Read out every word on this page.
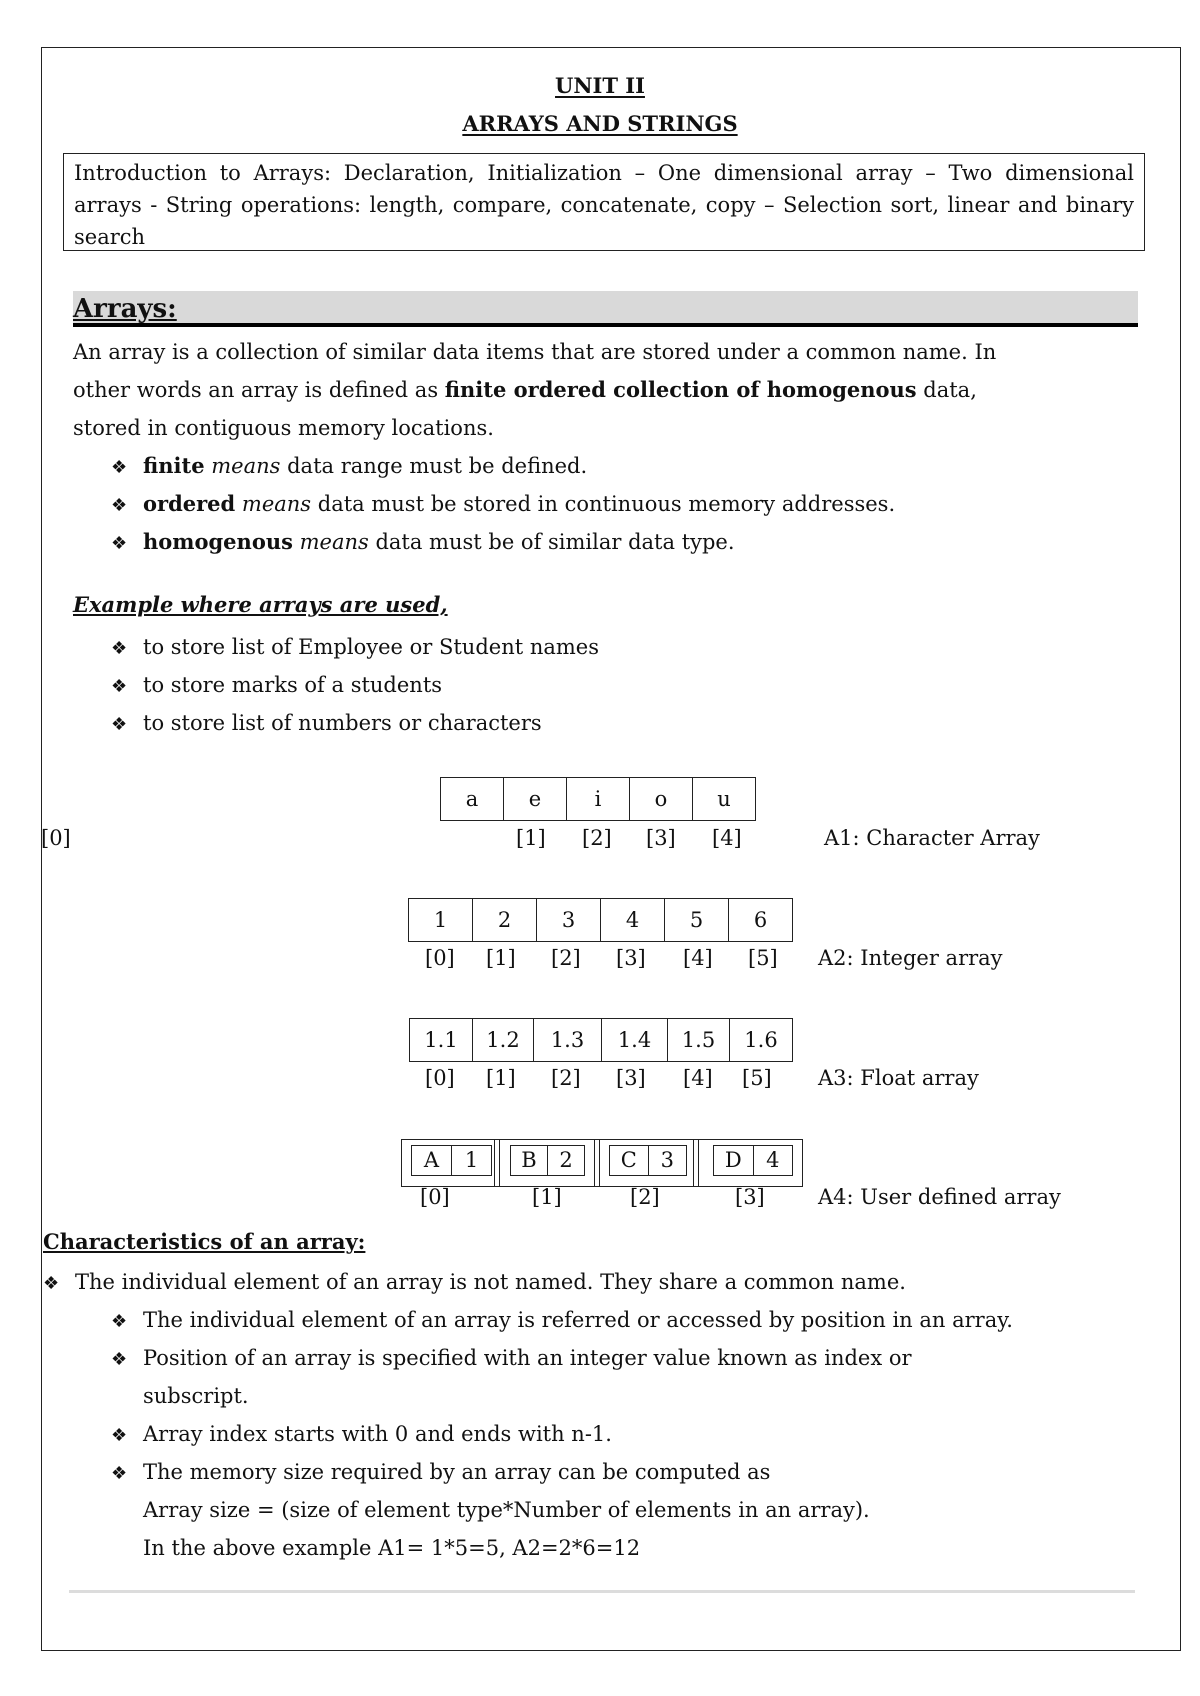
UNIT II
ARRAYS AND STRINGS
Introduction to Arrays: Declaration, Initialization – One dimensional array – Two dimensional arrays - String operations: length, compare, concatenate, copy – Selection sort, linear and binary search
Arrays:
An array is a collection of similar data items that are stored under a common name. In
other words an array is defined as finite ordered collection of homogenous data,
stored in contiguous memory locations.
❖ finite means data range must be defined.
❖ ordered means data must be stored in continuous memory addresses.
❖ homogenous means data must be of similar data type.
Example where arrays are used,
❖ to store list of Employee or Student names
❖ to store marks of a students
❖ to store list of numbers or characters
a	e	i	o	u
[0]	[1] [2] [3] [4]	A1: Character Array
1	2	3	4	5	6
[0] [1] [2] [3] [4] [5] A2: Integer array
1.1	1.2	1.3	1.4	1.5	1.6
[0] [1] [2] [3] [4] [5] A3: Float array
A	1	B	2	C	3	D	4
[0]	[1]	[2]	[3]	A4: User defined array
Characteristics of an array:
❖ The individual element of an array is not named. They share a common name.
❖ The individual element of an array is referred or accessed by position in an array.
❖ Position of an array is specified with an integer value known as index or
subscript.
❖ Array index starts with 0 and ends with n-1.
❖ The memory size required by an array can be computed as
Array size = (size of element type*Number of elements in an array).
In the above example A1= 1*5=5, A2=2*6=12
